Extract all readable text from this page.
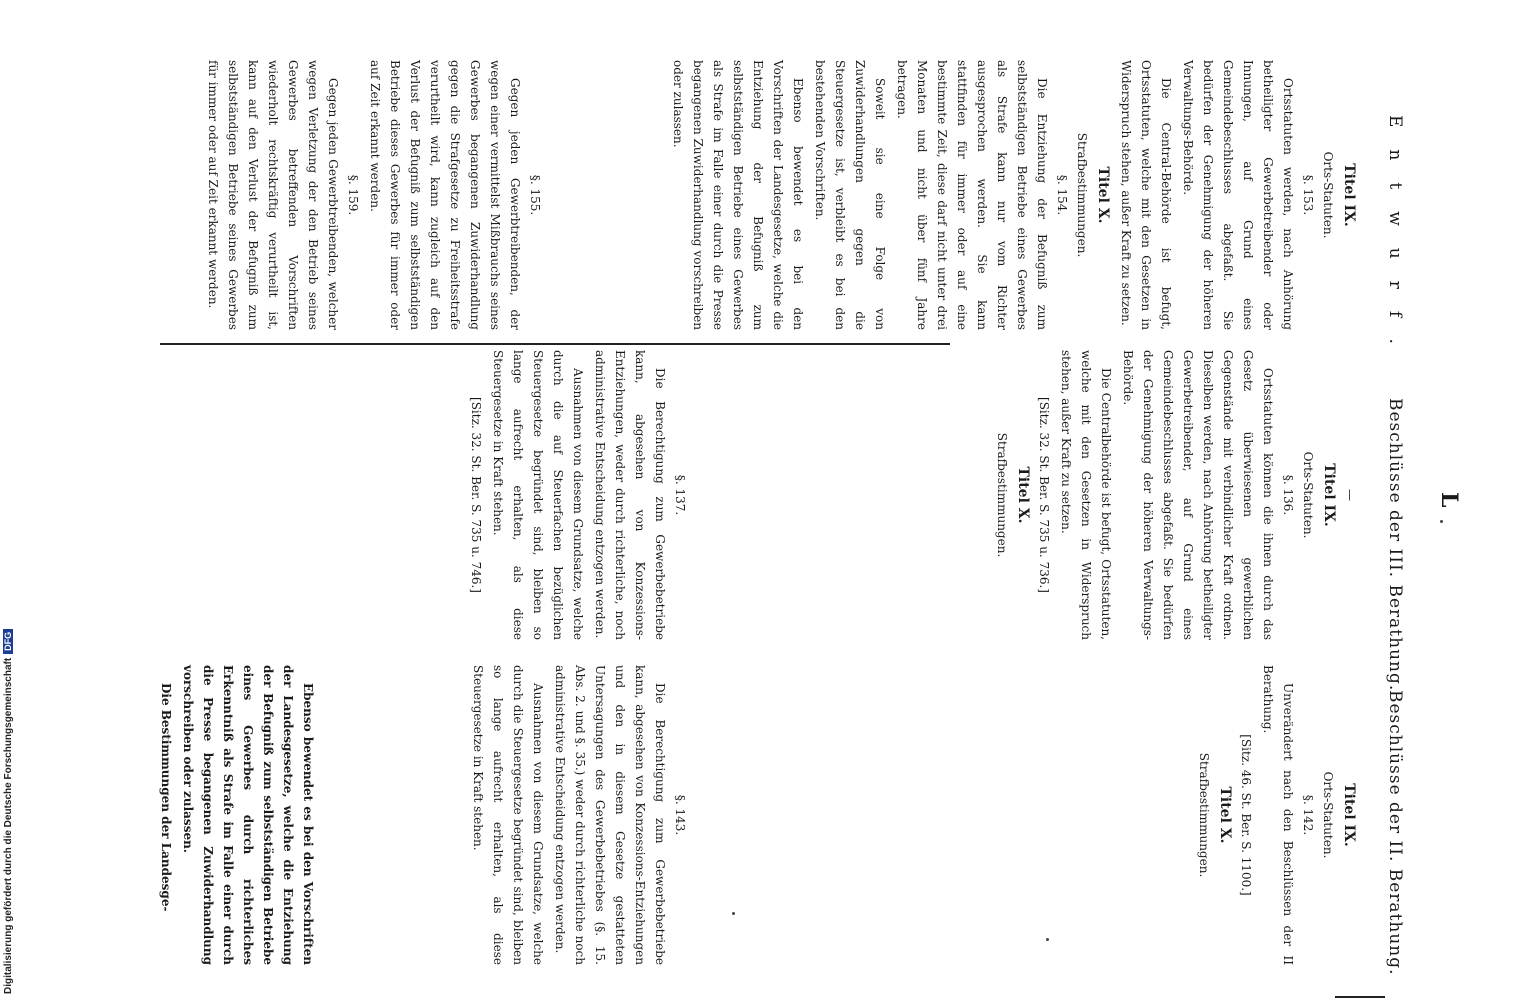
L
Entwurf.
Beschlüsse der III. Berathung.
Beschlüsse der II. Berathung.
Titel IX.
Orts-Statuten.
§. 153.

Ortsstatuten werden, nach Anhörung betheiligter Gewerbetreibender oder Innungen, auf Grund eines Gemeindebeschlusses abgefaßt. Sie bedürfen der Genehmigung der höheren Verwaltungs-Behörde.

Die Central-Behörde ist befugt, Ortsstatuten, welche mit den Gesetzen in Widerspruch stehen, außer Kraft zu setzen.

Titel X.
Strafbestimmungen.
§. 154.

Die Entziehung der Befugniß zum selbstständigen Betriebe eines Gewerbes als Strafe kann nur vom Richter ausgesprochen werden. Sie kann stattfinden für immer oder auf eine bestimmte Zeit, diese darf nicht unter drei Monaten und nicht über fünf Jahre betragen.

Soweit sie eine Folge von Zuwiderhandlungen gegen die Steuergesetze ist, verbleibt es bei den bestehenden Vorschriften.

Ebenso bewendet es bei den Vorschriften der Landesgesetze, welche die Entziehung der Befugniß zum selbstständigen Betriebe eines Gewerbes als Strafe im Falle einer durch die Presse begangenen Zuwiderhandlung vorschreiben oder zulassen.

§. 155.

Gegen jeden Gewerbtreibenden, der wegen einer vermittelst Mißbrauchs seines Gewerbes begangenen Zuwiderhandlung gegen die Strafgesetze zu Freiheitsstrafe verurtheilt wird, kann zugleich auf den Verlust der Befugniß zum selbstständigen Betriebe dieses Gewerbes für immer oder auf Zeit erkannt werden.

§. 159.

Gegen jeden Gewerbtreibenden, welcher wegen Verletzung der den Betrieb seines Gewerbes betreffenden Vorschriften wiederholt rechtskräftig verurtheilt ist, kann auf den Verlust der Befugniß zum selbstständigen Betriebe seines Gewerbes für immer oder auf Zeit erkannt werden.

—
Titel IX.
Orts-Statuten.
§. 136.

Ortsstatuten können die ihnen durch das Gesetz überwiesenen gewerblichen Gegenstände mit verbindlicher Kraft ordnen. Dieselben werden, nach Anhörung betheiligter Gewerbetreibender, auf Grund eines Gemeindebeschlusses abgefaßt. Sie bedürfen der Genehmigung der höheren Verwaltungs-Behörde.

Die Centralbehörde ist befugt, Ortsstatuten, welche mit den Gesetzen in Widerspruch stehen, außer Kraft zu setzen.

[Sitz. 32. St. Ber. S. 735 u. 736.]
Titel X.
Strafbestimmungen.
§. 137.

Die Berechtigung zum Gewerbebetriebe kann, abgesehen von Konzessions-Entziehungen, weder durch richterliche, noch administrative Entscheidung entzogen werden.

Ausnahmen von diesem Grundsatze, welche durch die auf Steuerfachen bezüglichen Steuergesetze begründet sind, bleiben so lange aufrecht erhalten, als diese Steuergesetze in Kraft stehen.

[Sitz. 32. St. Ber. S. 735 u. 746.]
Titel IX.
Orts-Statuten.
§. 142.

Unverändert nach den Beschlüssen der II Berathung.

[Sitz. 46. St. Ber. S. 1100.]
Titel X.
Strafbestimmungen.
§. 143.

Die Berechtigung zum Gewerbebetriebe kann, abgesehen von Konzessions-Entziehungen und den in diesem Gesetze gestatteten Untersagungen des Gewerbebetriebes (§. 15. Abs. 2. und §. 35.) weder durch richterliche noch administrative Entscheidung entzogen werden.

Ausnahmen von diesem Grundsatze, welche durch die Steuergesetze begründet sind, bleiben so lange aufrecht erhalten, als diese Steuergesetze in Kraft stehen.

Ebenso bewendet es bei den Vorschriften der Landesgesetze, welche die Entziehung der Befugniß zum selbstständigen Betriebe eines Gewerbes durch richterliches Erkenntniß als Strafe im Falle einer durch die Presse begangenen Zuwiderhandlung vorschreiben oder zulassen.

Die Bestimmungen der Landesge-

Digitalisierung gefördert durch die Deutsche ForschungsgemeinschaftDFG
